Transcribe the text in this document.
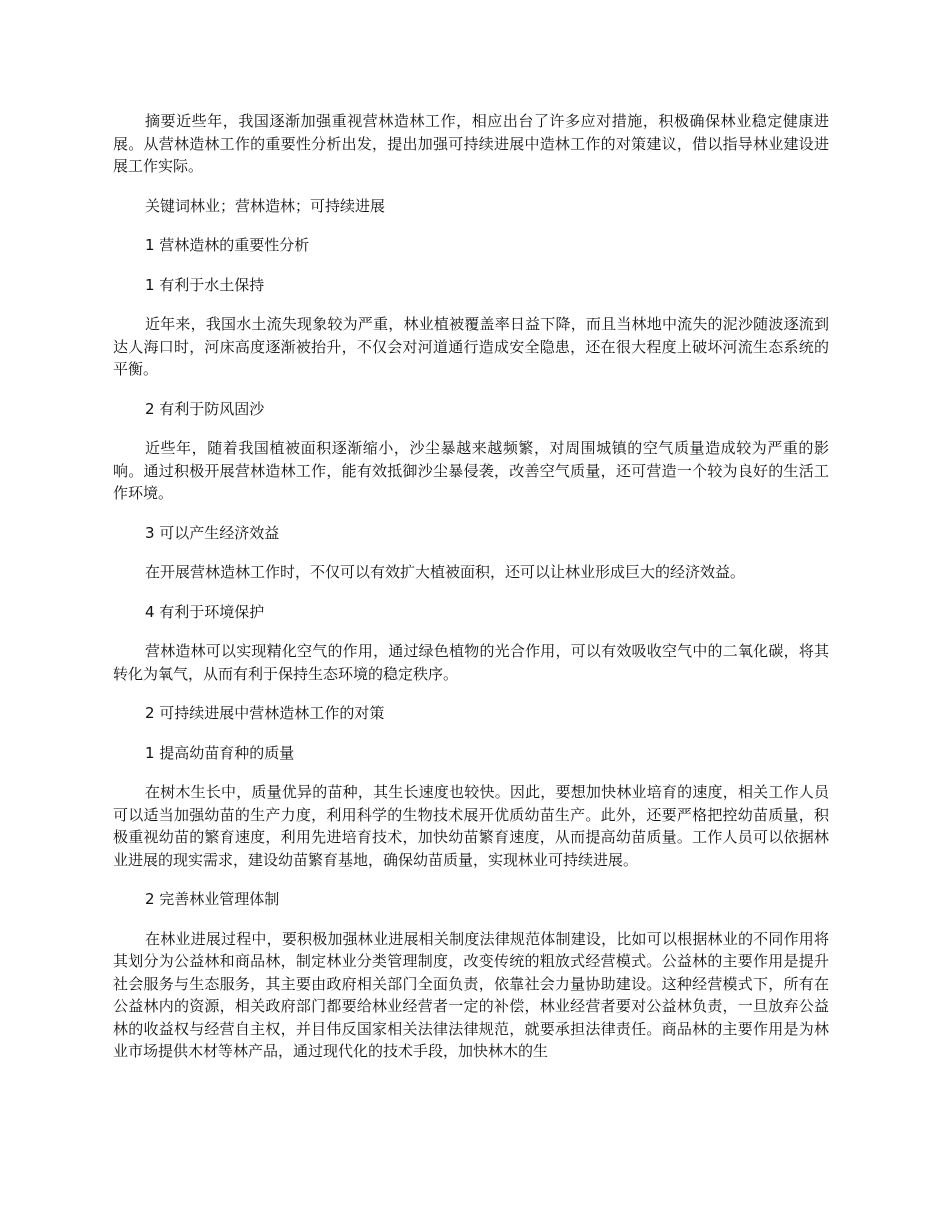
摘要近些年，我国逐渐加强重视营林造林工作，相应出台了许多应对措施，积极确保林业稳定健康进展。从营林造林工作的重要性分析出发，提出加强可持续进展中造林工作的对策建议，借以指导林业建设进展工作实际。

关键词林业；营林造林；可持续进展

1 营林造林的重要性分析

1 有利于水土保持

近年来，我国水土流失现象较为严重，林业植被覆盖率日益下降，而且当林地中流失的泥沙随波逐流到达人海口时，河床高度逐渐被抬升，不仅会对河道通行造成安全隐患，还在很大程度上破坏河流生态系统的平衡。

2 有利于防风固沙

近些年，随着我国植被面积逐渐缩小，沙尘暴越来越频繁，对周围城镇的空气质量造成较为严重的影响。通过积极开展营林造林工作，能有效抵御沙尘暴侵袭，改善空气质量，还可营造一个较为良好的生活工作环境。

3 可以产生经济效益

在开展营林造林工作时，不仅可以有效扩大植被面积，还可以让林业形成巨大的经济效益。

4 有利于环境保护

营林造林可以实现精化空气的作用，通过绿色植物的光合作用，可以有效吸收空气中的二氧化碳，将其转化为氧气，从而有利于保持生态环境的稳定秩序。

2 可持续进展中营林造林工作的对策

1 提高幼苗育种的质量

在树木生长中，质量优异的苗种，其生长速度也较快。因此，要想加快林业培育的速度，相关工作人员可以适当加强幼苗的生产力度，利用科学的生物技术展开优质幼苗生产。此外，还要严格把控幼苗质量，积极重视幼苗的繁育速度，利用先进培育技术，加快幼苗繁育速度，从而提高幼苗质量。工作人员可以依据林业进展的现实需求，建设幼苗繁育基地，确保幼苗质量，实现林业可持续进展。

2 完善林业管理体制

在林业进展过程中，要积极加强林业进展相关制度法律规范体制建设，比如可以根据林业的不同作用将其划分为公益林和商品林，制定林业分类管理制度，改变传统的粗放式经营模式。公益林的主要作用是提升社会服务与生态服务，其主要由政府相关部门全面负责，依靠社会力量协助建设。这种经营模式下，所有在公益林内的资源，相关政府部门都要给林业经营者一定的补偿，林业经营者要对公益林负责，一旦放弃公益林的收益权与经营自主权，并目伟反国家相关法律法律规范，就要承担法律责任。商品林的主要作用是为林业市场提供木材等林产品，通过现代化的技术手段，加快林木的生
